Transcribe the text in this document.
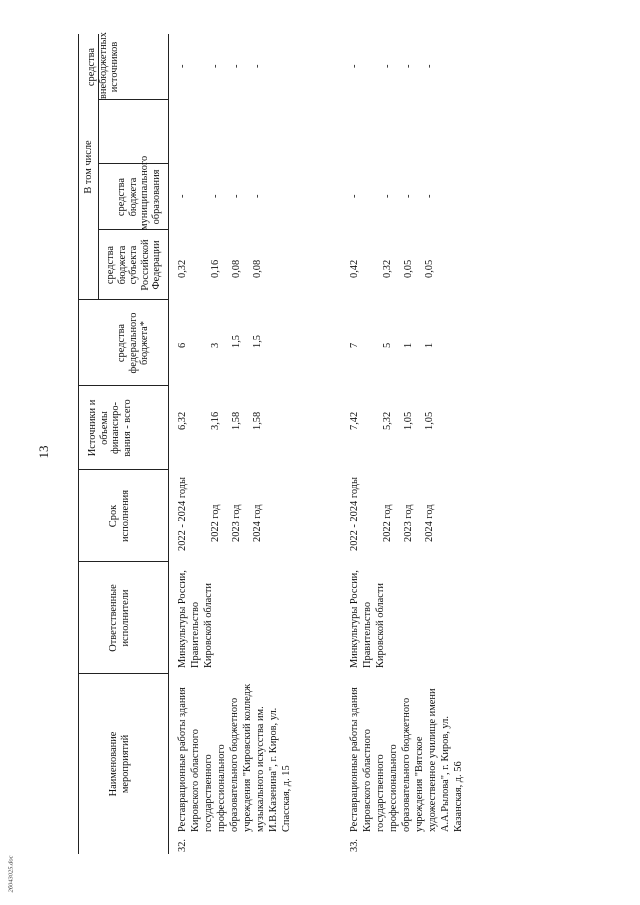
13
2б043025.doc
Наименование мероприятий
Ответственные исполнители
Срок исполнения
Источники и объемы финансиро-вания - всего
В том числе
средства федерального бюджета*
средства бюджета субъекта Российской Федерации
средства бюджета муниципального образования
средства внебюджетных источников
32.
Реставрационные работы здания Кировского областного государственного профессионального образовательного бюджетного учреждения "Кировский колледж музыкального искусства им. И.В.Казенина", г. Киров, ул. Спасская, д. 15
Минкультуры России, Правительство Кировской области
2022 - 2024 годы
6,32
6
0,32
-
-
2022 год
3,16
3
0,16
-
-
2023 год
1,58
1,5
0,08
-
-
2024 год
1,58
1,5
0,08
-
-
33.
Реставрационные работы здания Кировского областного государственного профессионального образовательного бюджетного учреждения "Вятское художественное училище имени А.А.Рылова", г. Киров, ул. Казанская, д. 56
Минкультуры России, Правительство Кировской области
2022 - 2024 годы
7,42
7
0,42
-
-
2022 год
5,32
5
0,32
-
-
2023 год
1,05
1
0,05
-
-
2024 год
1,05
1
0,05
-
-
